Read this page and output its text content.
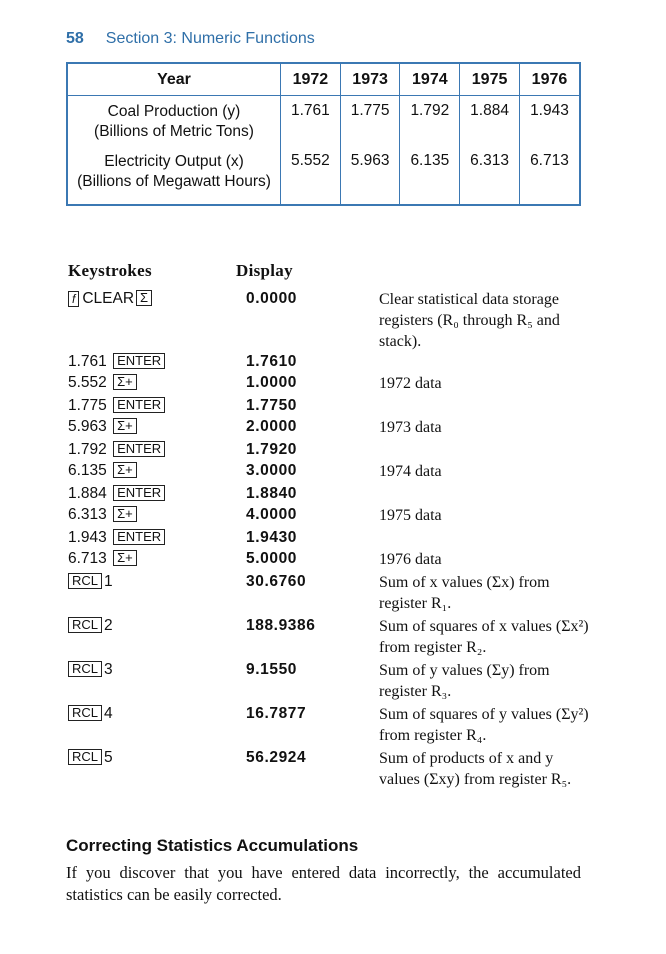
58 Section 3: Numeric Functions
Year	1972	1973	1974	1975	1976

Coal Production (y)
(Billions of Metric Tons)	1.761	1.775	1.792	1.884	1.943

Electricity Output (x)
(Billions of Megawatt Hours)	5.552	5.963	6.135	6.313	6.713
Keystrokes	Display
f CLEAR Σ	0.0000	Clear statistical data storage registers (R₀ through R₅ and stack).
1.761 ENTER	1.7610
5.552 Σ+	1.0000	1972 data
1.775 ENTER	1.7750
5.963 Σ+	2.0000	1973 data
1.792 ENTER	1.7920
6.135 Σ+	3.0000	1974 data
1.884 ENTER	1.8840
6.313 Σ+	4.0000	1975 data
1.943 ENTER	1.9430
6.713 Σ+	5.0000	1976 data
RCL 1	30.6760	Sum of x values (Σx) from register R₁.
RCL 2	188.9386	Sum of squares of x values (Σx²) from register R₂.
RCL 3	9.1550	Sum of y values (Σy) from register R₃.
RCL 4	16.7877	Sum of squares of y values (Σy²) from register R₄.
RCL 5	56.2924	Sum of products of x and y values (Σxy) from register R₅.
Correcting Statistics Accumulations
If you discover that you have entered data incorrectly, the accumulated statistics can be easily corrected.
